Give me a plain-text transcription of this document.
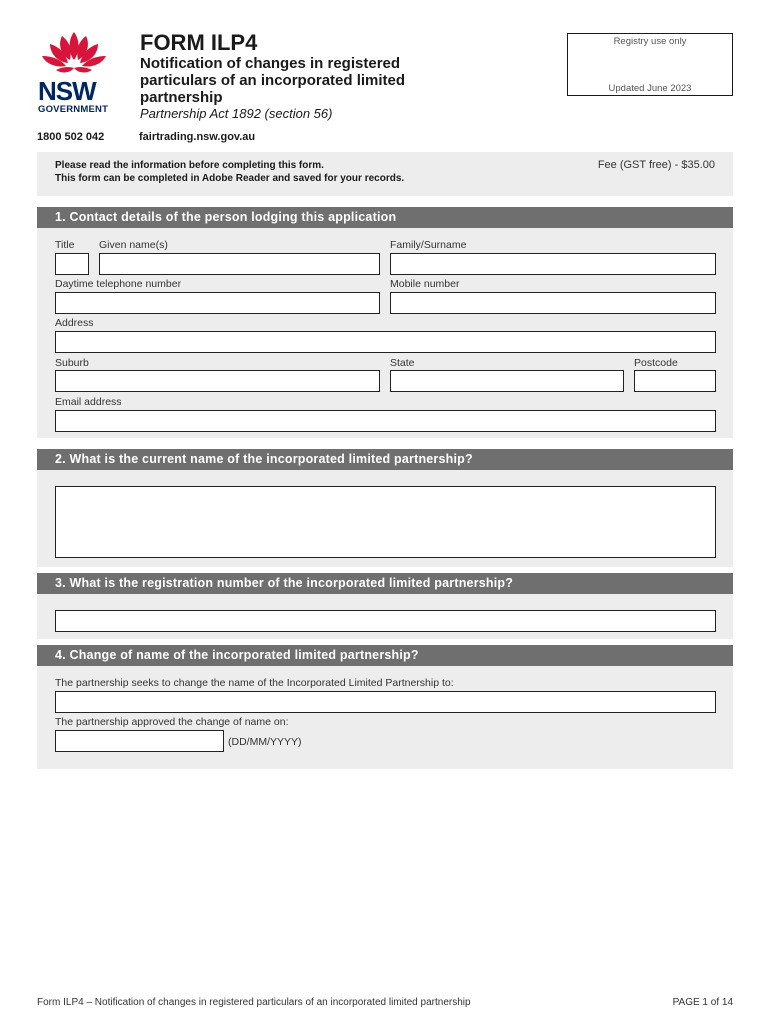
NSW
GOVERNMENT
FORM ILP4
Notification of changes in registered particulars of an incorporated limited partnership
Partnership Act 1892 (section 56)
Registry use only
Updated June 2023
1800 502 042	fairtrading.nsw.gov.au
Please read the information before completing this form.
This form can be completed in Adobe Reader and saved for your records.
Fee (GST free) - $35.00
1. Contact details of the person lodging this application
Title Given name(s)	Family/Surname
Daytime telephone number	Mobile number
Address
Suburb	State	Postcode
Email address
2. What is the current name of the incorporated limited partnership?
3. What is the registration number of the incorporated limited partnership?
4. Change of name of the incorporated limited partnership?
The partnership seeks to change the name of the Incorporated Limited Partnership to:
The partnership approved the change of name on:
(DD/MM/YYYY)
Form ILP4 – Notification of changes in registered particulars of an incorporated limited partnership	PAGE 1 of 14
